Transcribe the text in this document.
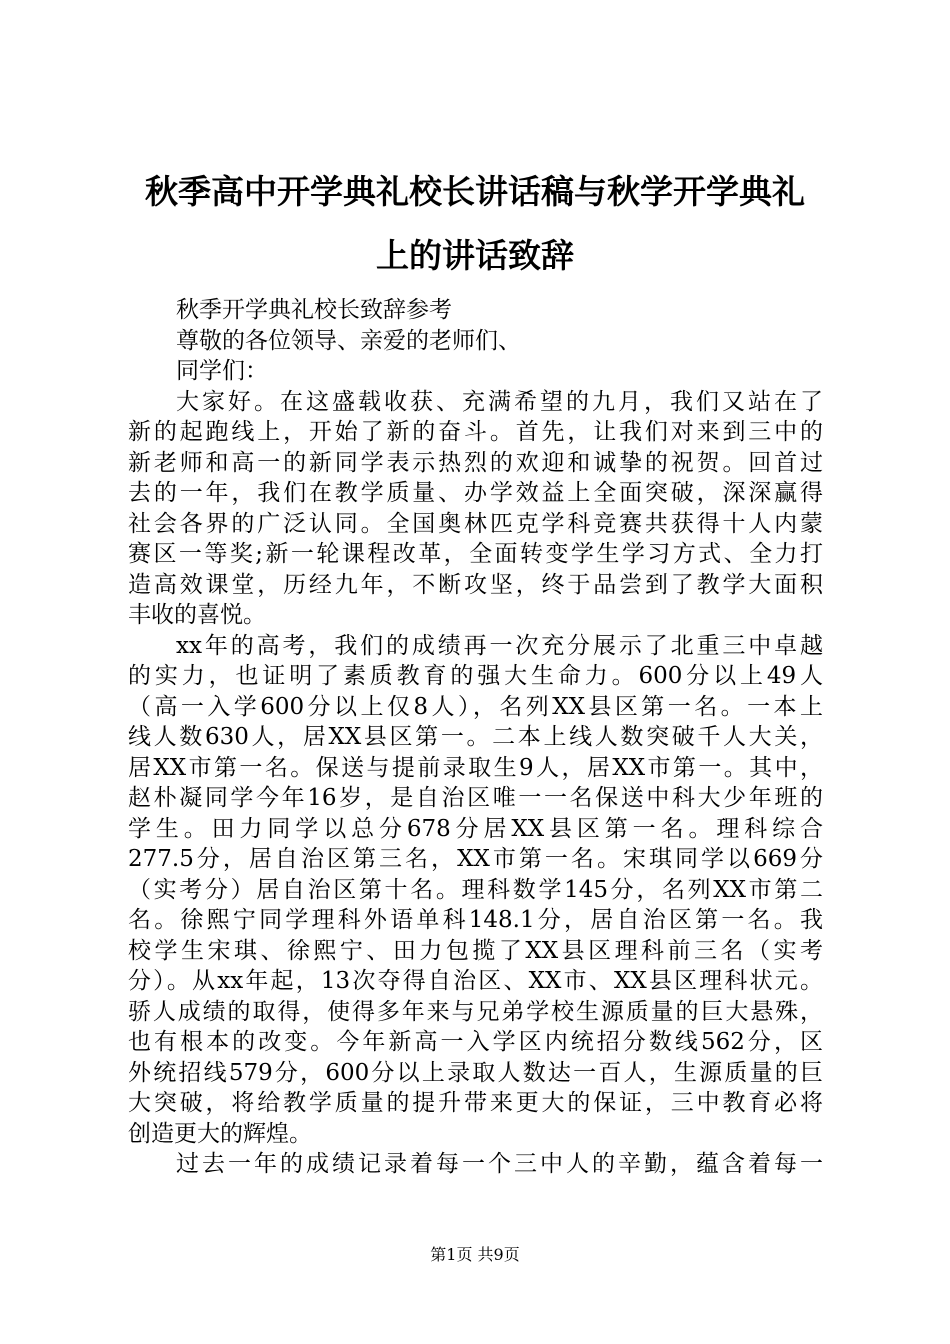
秋季高中开学典礼校长讲话稿与秋学开学典礼
上的讲话致辞
秋季开学典礼校长致辞参考
尊敬的各位领导、亲爱的老师们、
同学们：
大家好。在这盛载收获、充满希望的九月，我们又站在了
新的起跑线上，开始了新的奋斗。首先，让我们对来到三中的
新老师和高一的新同学表示热烈的欢迎和诚挚的祝贺。回首过
去的一年，我们在教学质量、办学效益上全面突破，深深赢得
社会各界的广泛认同。全国奥林匹克学科竞赛共获得十人内蒙
赛区一等奖;新一轮课程改革，全面转变学生学习方式、全力打
造高效课堂，历经九年，不断攻坚，终于品尝到了教学大面积
丰收的喜悦。
xx年的高考，我们的成绩再一次充分展示了北重三中卓越
的实力，也证明了素质教育的强大生命力。600分以上49人
（高一入学600分以上仅8人），名列XX县区第一名。一本上
线人数630人，居XX县区第一。二本上线人数突破千人大关，
居XX市第一名。保送与提前录取生9人，居XX市第一。其中，
赵朴凝同学今年16岁，是自治区唯一一名保送中科大少年班的
学生。田力同学以总分678分居XX县区第一名。理科综合
277.5分，居自治区第三名，XX市第一名。宋琪同学以669分
（实考分）居自治区第十名。理科数学145分，名列XX市第二
名。徐熙宁同学理科外语单科148.1分，居自治区第一名。我
校学生宋琪、徐熙宁、田力包揽了XX县区理科前三名（实考
分）。从xx年起，13次夺得自治区、XX市、XX县区理科状元。
骄人成绩的取得，使得多年来与兄弟学校生源质量的巨大悬殊，
也有根本的改变。今年新高一入学区内统招分数线562分，区
外统招线579分，600分以上录取人数达一百人，生源质量的巨
大突破，将给教学质量的提升带来更大的保证，三中教育必将
创造更大的辉煌。
过去一年的成绩记录着每一个三中人的辛勤，蕴含着每一
第1页 共9页
